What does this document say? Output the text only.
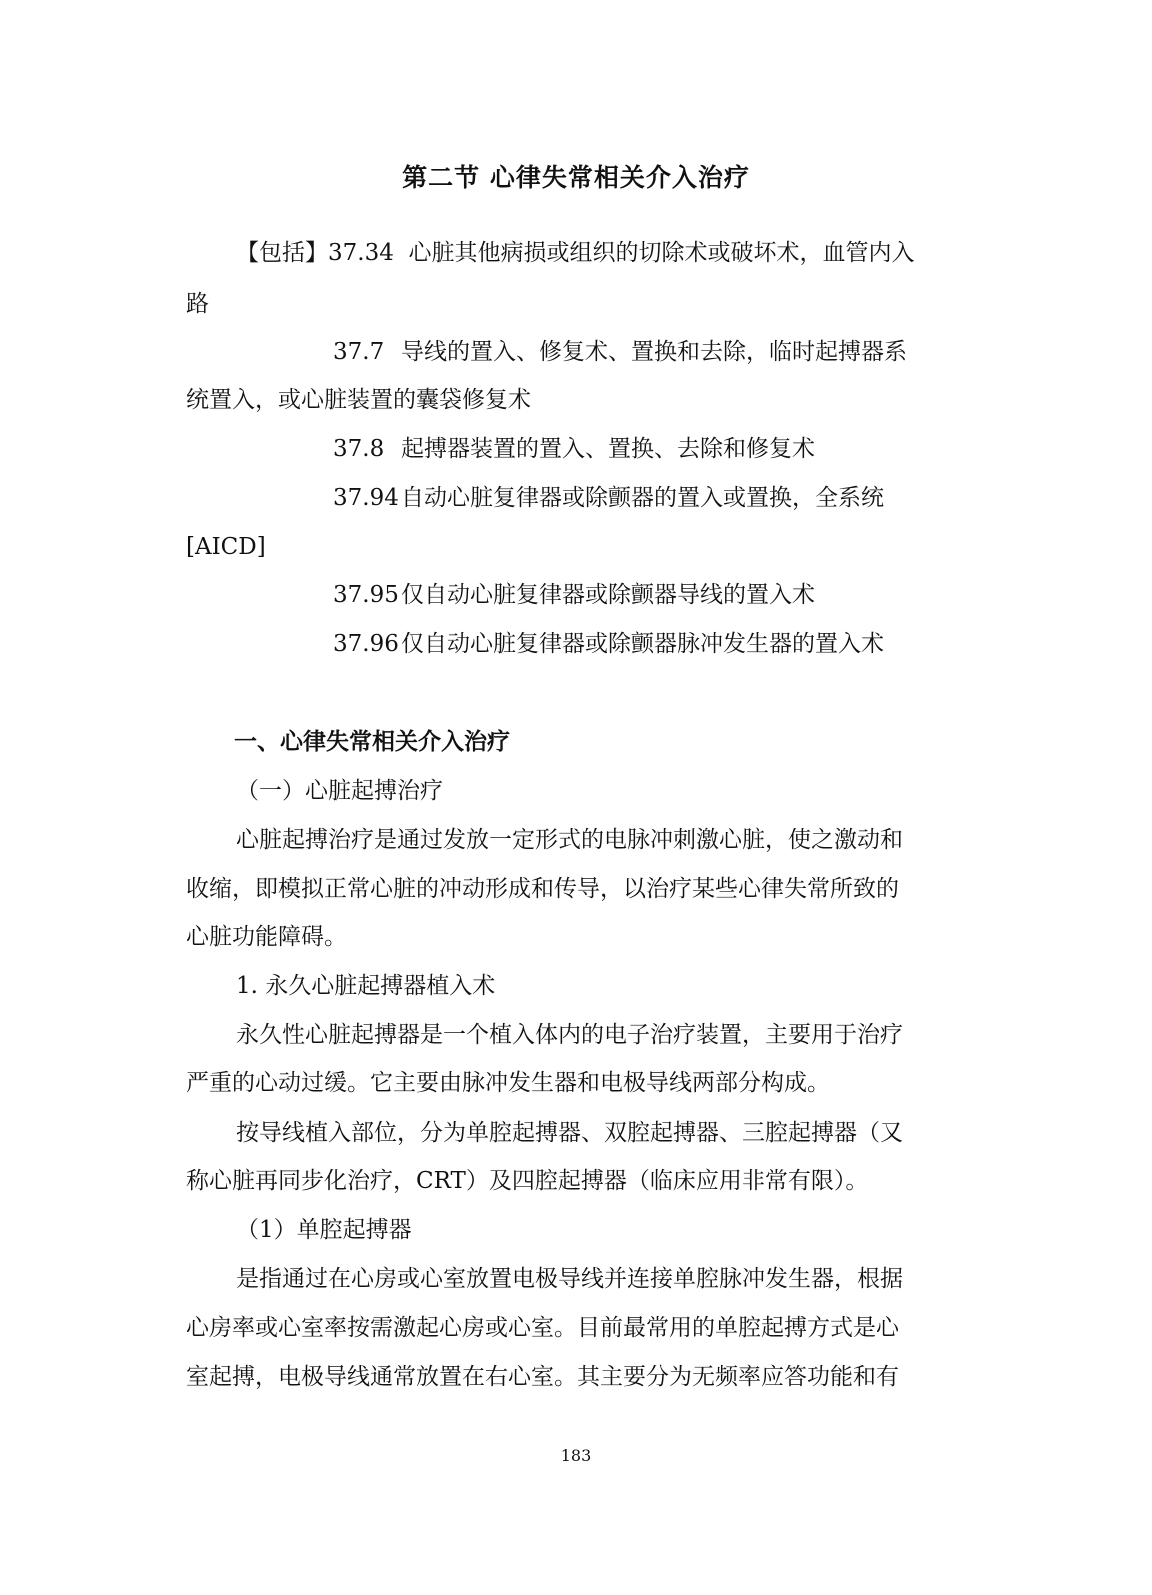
第二节 心律失常相关介入治疗
【包括】37.34 心脏其他病损或组织的切除术或破坏术，血管内入
路
37.7 导线的置入、修复术、置换和去除，临时起搏器系
统置入，或心脏装置的囊袋修复术
37.8 起搏器装置的置入、置换、去除和修复术
37.94自动心脏复律器或除颤器的置入或置换，全系统
[AICD]
37.95仅自动心脏复律器或除颤器导线的置入术
37.96仅自动心脏复律器或除颤器脉冲发生器的置入术
一、心律失常相关介入治疗
（一）心脏起搏治疗
心脏起搏治疗是通过发放一定形式的电脉冲刺激心脏，使之激动和
收缩，即模拟正常心脏的冲动形成和传导，以治疗某些心律失常所致的
心脏功能障碍。
1. 永久心脏起搏器植入术
永久性心脏起搏器是一个植入体内的电子治疗装置，主要用于治疗
严重的心动过缓。它主要由脉冲发生器和电极导线两部分构成。
按导线植入部位，分为单腔起搏器、双腔起搏器、三腔起搏器（又
称心脏再同步化治疗，CRT）及四腔起搏器（临床应用非常有限）。
（1）单腔起搏器
是指通过在心房或心室放置电极导线并连接单腔脉冲发生器，根据
心房率或心室率按需激起心房或心室。目前最常用的单腔起搏方式是心
室起搏，电极导线通常放置在右心室。其主要分为无频率应答功能和有
183
